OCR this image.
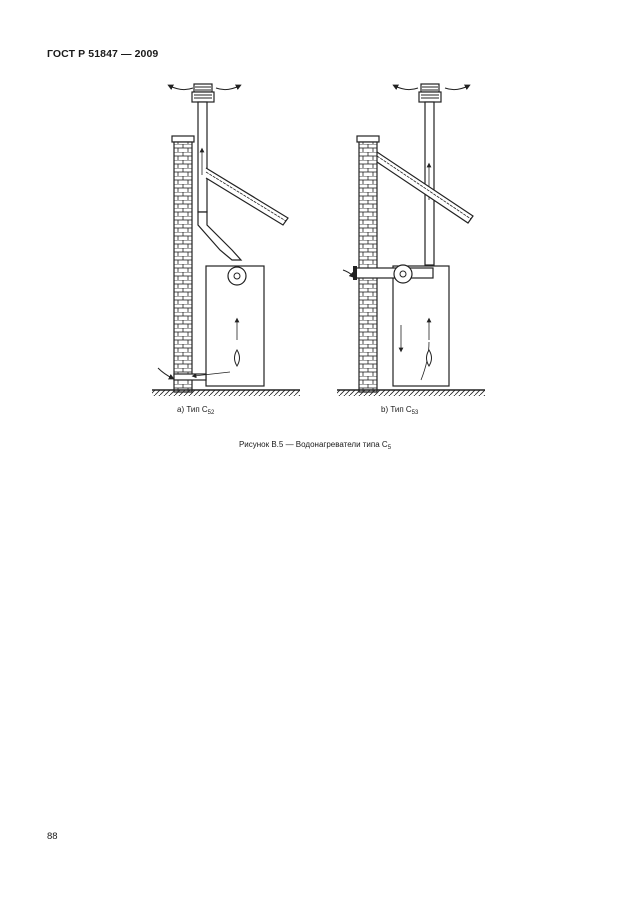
ГОСТ Р 51847 — 2009
а) Тип $C_{52}$	b) Тип $C_{53}$
Рисунок В.5 — Водонагреватели типа $C_5$
88
